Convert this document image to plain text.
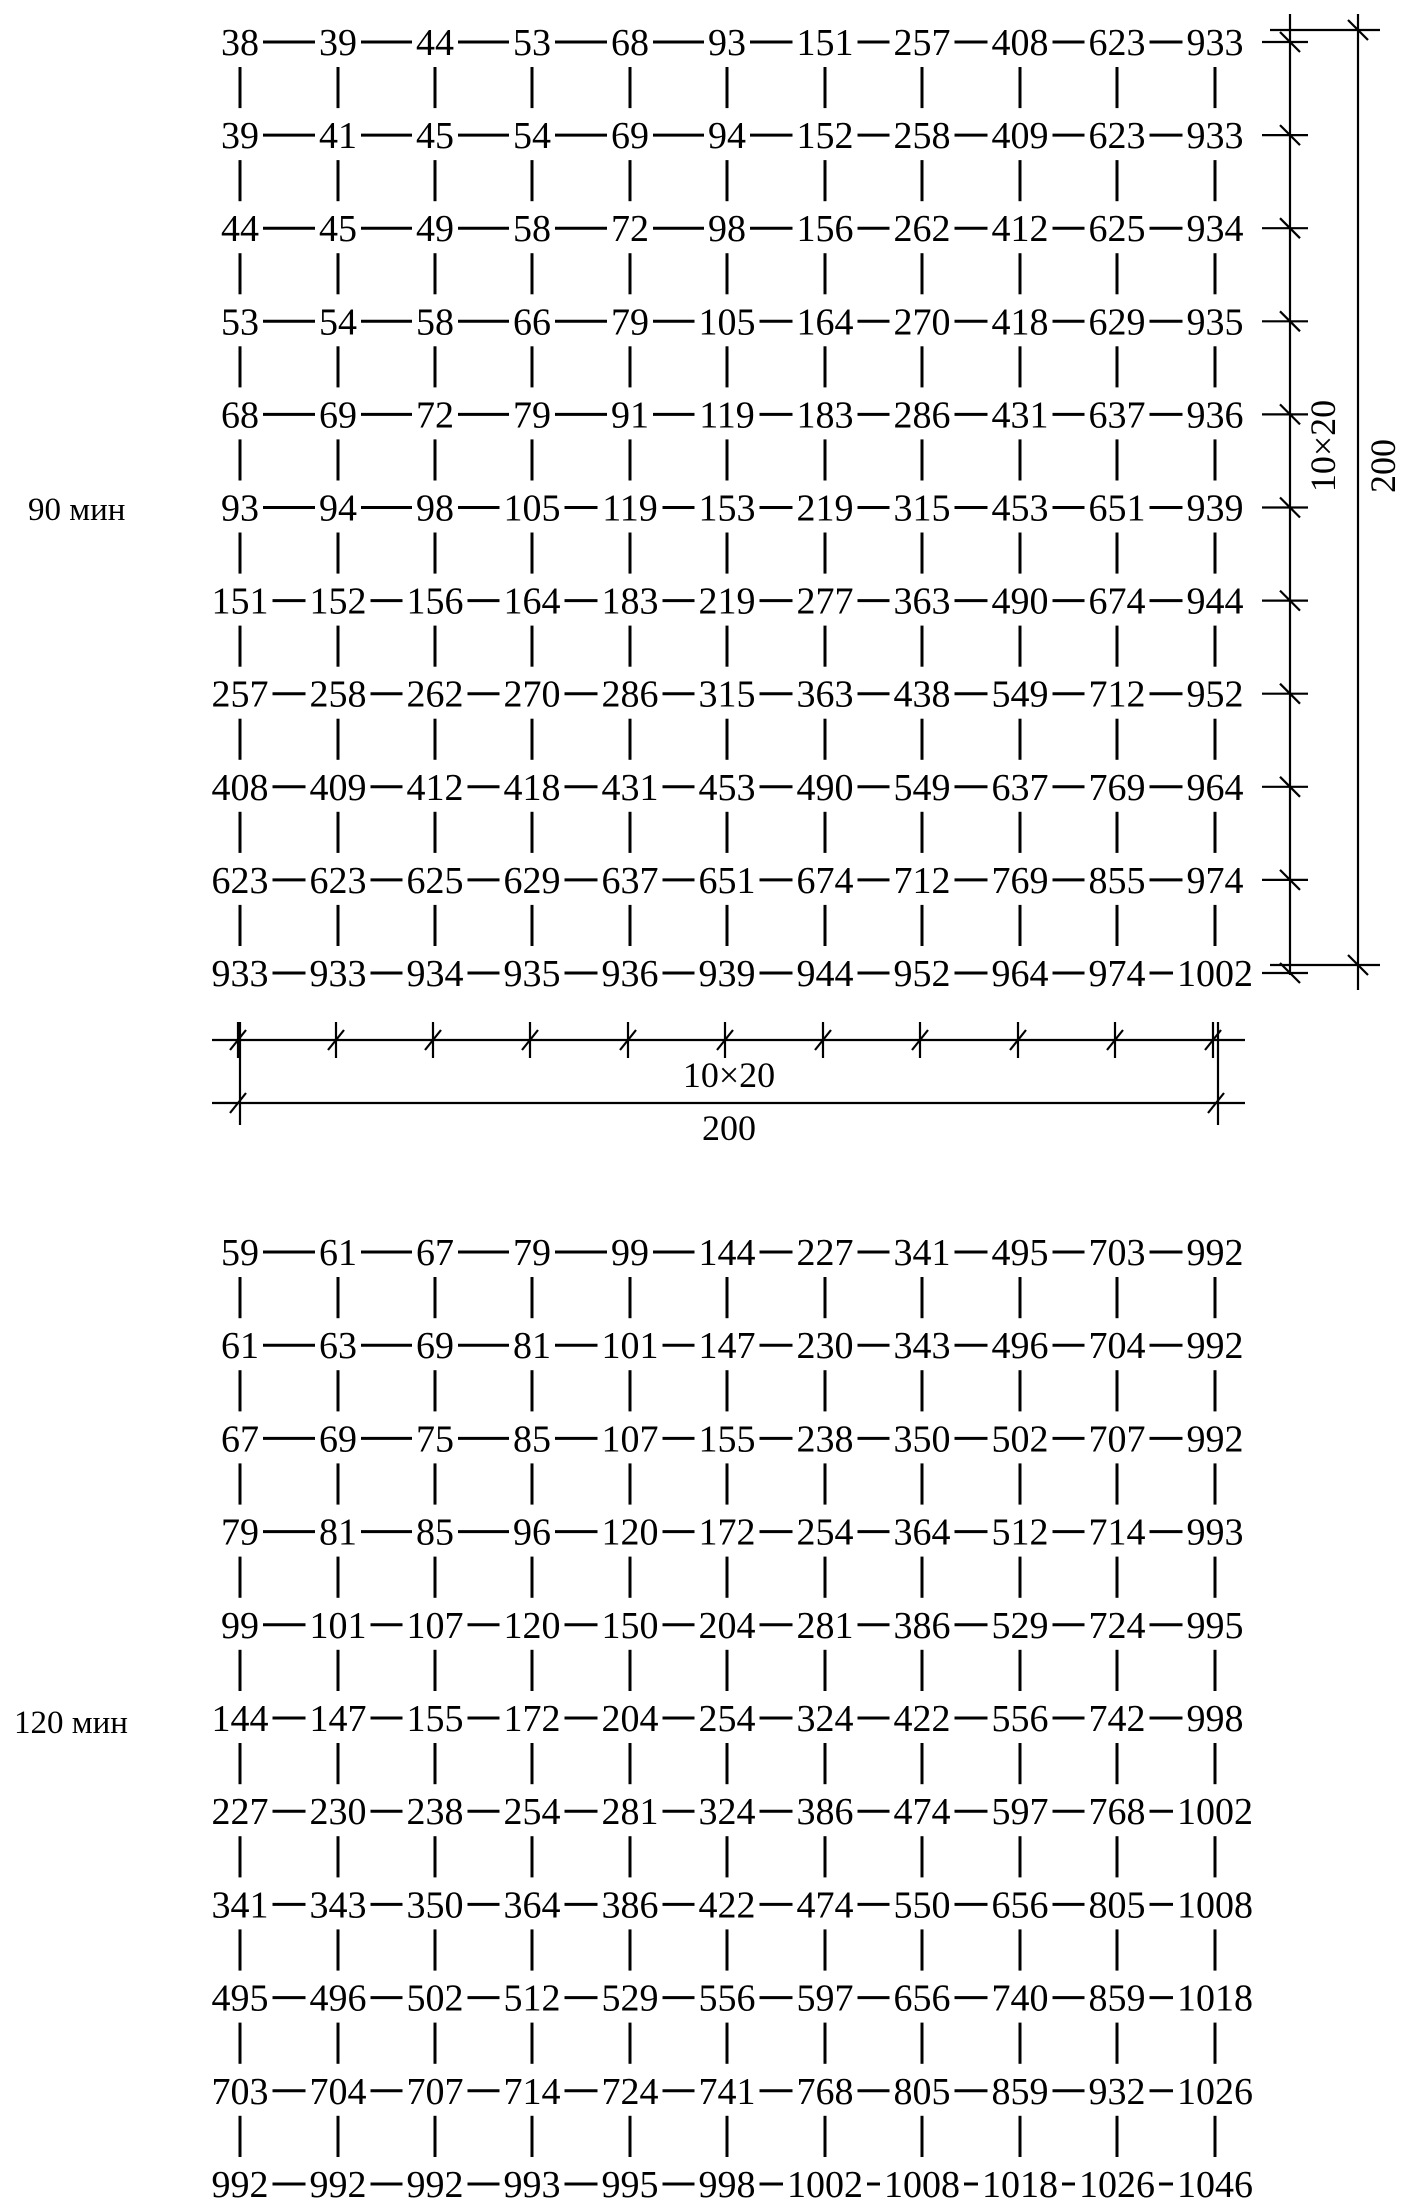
90 мин
38 39 44 53 68 93 151 257 408 623 933
39 41 45 54 69 94 152 258 409 623 933
44 45 49 58 72 98 156 262 412 625 934
53 54 58 66 79 105 164 270 418 629 935
68 69 72 79 91 119 183 286 431 637 936
93 94 98 105 119 153 219 315 453 651 939
151 152 156 164 183 219 277 363 490 674 944
257 258 262 270 286 315 363 438 549 712 952
408 409 412 418 431 453 490 549 637 769 964
623 623 625 629 637 651 674 712 769 855 974
933 933 934 935 936 939 944 952 964 974 1002
10×20
200
10×20 200
120 мин
59 61 67 79 99 144 227 341 495 703 992
61 63 69 81 101 147 230 343 496 704 992
67 69 75 85 107 155 238 350 502 707 992
79 81 85 96 120 172 254 364 512 714 993
99 101 107 120 150 204 281 386 529 724 995
144 147 155 172 204 254 324 422 556 742 998
227 230 238 254 281 324 386 474 597 768 1002
341 343 350 364 386 422 474 550 656 805 1008
495 496 502 512 529 556 597 656 740 859 1018
703 704 707 714 724 741 768 805 859 932 1026
992 992 992 993 995 998 1002 1008 1018 1026 1046
